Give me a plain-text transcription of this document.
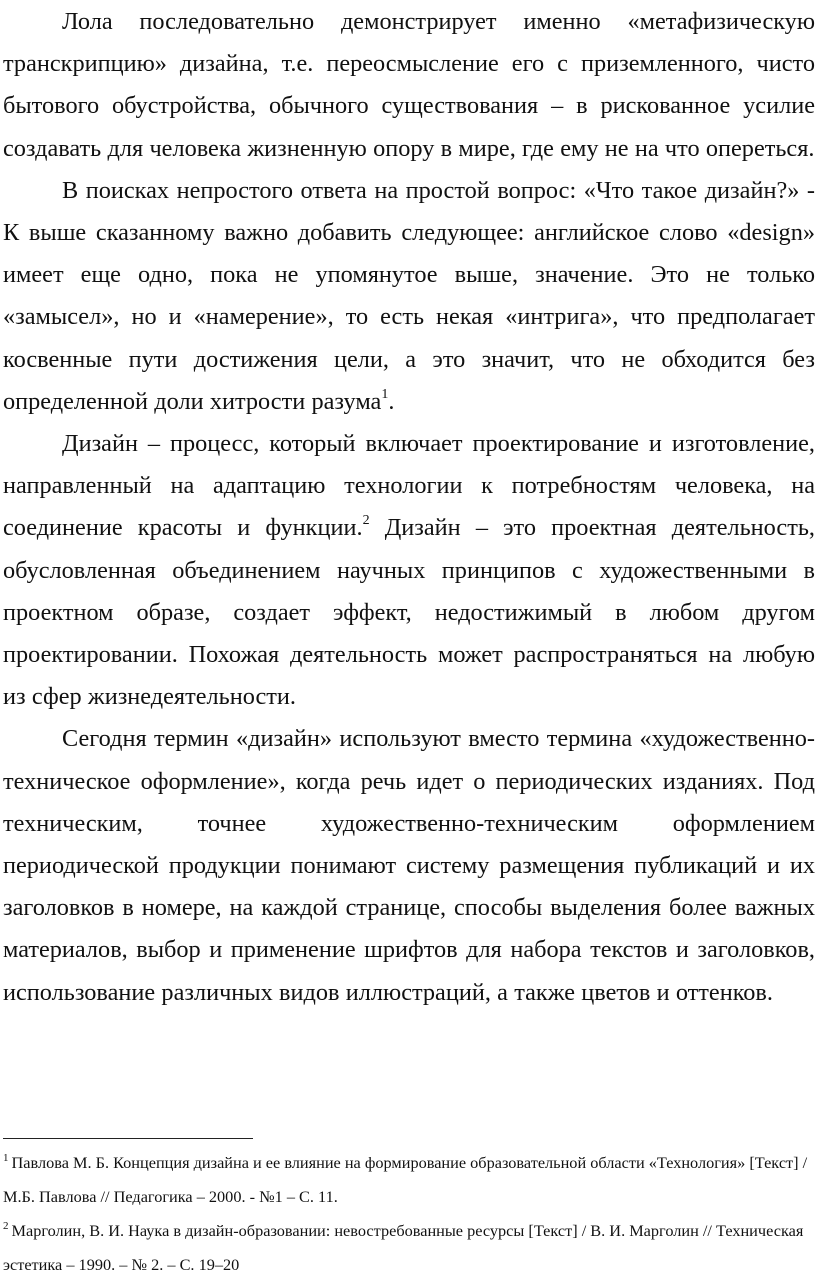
Лола последовательно демонстрирует именно «метафизическую транскрипцию» дизайна, т.е. переосмысление его с приземленного, чисто бытового обустройства, обычного существования – в рискованное усилие создавать для человека жизненную опору в мире, где ему не на что опереться.

В поисках непростого ответа на простой вопрос: «Что такое дизайн?» - К выше сказанному важно добавить следующее: английское слово «design» имеет еще одно, пока не упомянутое выше, значение. Это не только «замысел», но и «намерение», то есть некая «интрига», что предполагает косвенные пути достижения цели, а это значит, что не обходится без определенной доли хитрости разума$^1$.

Дизайн – процесс, который включает проектирование и изготовление, направленный на адаптацию технологии к потребностям человека, на соединение красоты и функции.$^2$ Дизайн – это проектная деятельность, обусловленная объединением научных принципов с художественными в проектном образе, создает эффект, недостижимый в любом другом проектировании. Похожая деятельность может распространяться на любую из сфер жизнедеятельности.

Сегодня термин «дизайн» используют вместо термина «художественно-техническое оформление», когда речь идет о периодических изданиях. Под техническим, точнее художественно-техническим оформлением периодической продукции понимают систему размещения публикаций и их заголовков в номере, на каждой странице, способы выделения более важных материалов, выбор и применение шрифтов для набора текстов и заголовков, использование различных видов иллюстраций, а также цветов и оттенков.

$^1$ Павлова М. Б. Концепция дизайна и ее влияние на формирование образовательной области «Технология» [Текст] / М.Б. Павлова // Педагогика – 2000. - №1 – С. 11.

$^2$ Марголин, В. И. Наука в дизайн-образовании: невостребованные ресурсы [Текст] / В. И. Марголин // Техническая эстетика – 1990. – № 2. – С. 19–20
